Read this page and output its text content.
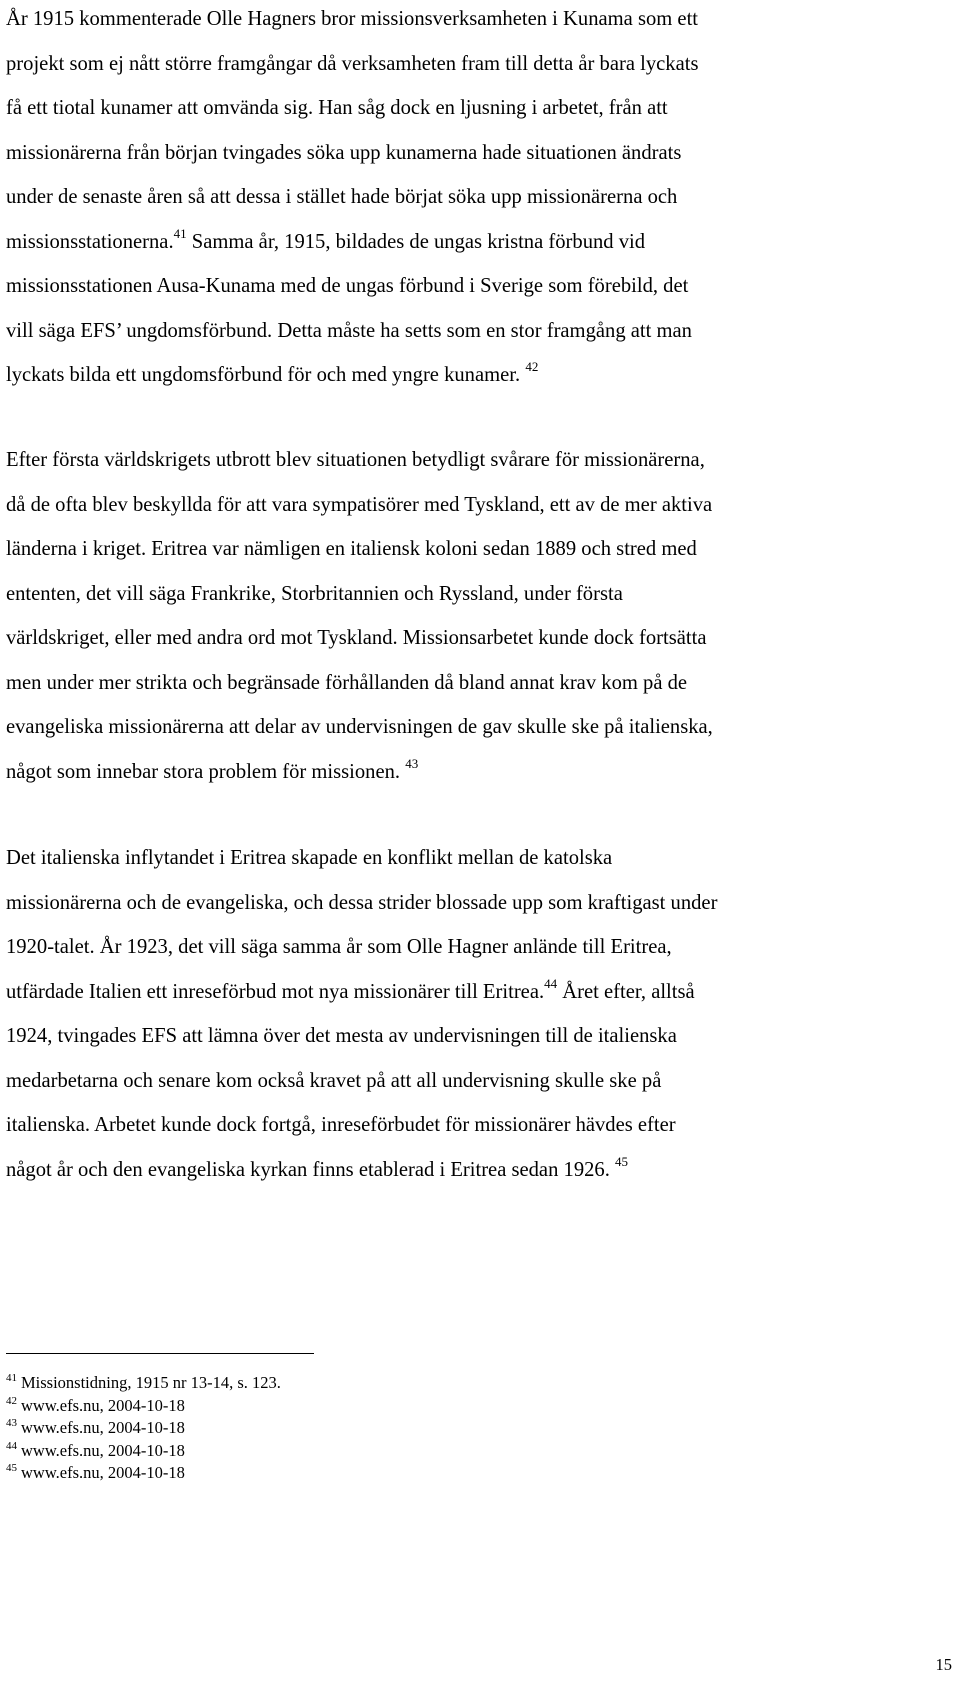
År 1915 kommenterade Olle Hagners bror missionsverksamheten i Kunama som ett
projekt som ej nått större framgångar då verksamheten fram till detta år bara lyckats
få ett tiotal kunamer att omvända sig. Han såg dock en ljusning i arbetet, från att
missionärerna från början tvingades söka upp kunamerna hade situationen ändrats
under de senaste åren så att dessa i stället hade börjat söka upp missionärerna och
missionsstationerna.$^{41}$ Samma år, 1915, bildades de ungas kristna förbund vid
missionsstationen Ausa-Kunama med de ungas förbund i Sverige som förebild, det
vill säga EFS’ ungdomsförbund. Detta måste ha setts som en stor framgång att man
lyckats bilda ett ungdomsförbund för och med yngre kunamer. $^{42}$

Efter första världskrigets utbrott blev situationen betydligt svårare för missionärerna,
då de ofta blev beskyllda för att vara sympatisörer med Tyskland, ett av de mer aktiva
länderna i kriget. Eritrea var nämligen en italiensk koloni sedan 1889 och stred med
ententen, det vill säga Frankrike, Storbritannien och Ryssland, under första
världskriget, eller med andra ord mot Tyskland. Missionsarbetet kunde dock fortsätta
men under mer strikta och begränsade förhållanden då bland annat krav kom på de
evangeliska missionärerna att delar av undervisningen de gav skulle ske på italienska,
något som innebar stora problem för missionen. $^{43}$

Det italienska inflytandet i Eritrea skapade en konflikt mellan de katolska
missionärerna och de evangeliska, och dessa strider blossade upp som kraftigast under
1920-talet. År 1923, det vill säga samma år som Olle Hagner anlände till Eritrea,
utfärdade Italien ett inreseförbud mot nya missionärer till Eritrea.$^{44}$ Året efter, alltså
1924, tvingades EFS att lämna över det mesta av undervisningen till de italienska
medarbetarna och senare kom också kravet på att all undervisning skulle ske på
italienska. Arbetet kunde dock fortgå, inreseförbudet för missionärer hävdes efter
något år och den evangeliska kyrkan finns etablerad i Eritrea sedan 1926. $^{45}$

$^{41}$ Missionstidning, 1915 nr 13-14, s. 123.
$^{42}$ www.efs.nu, 2004-10-18
$^{43}$ www.efs.nu, 2004-10-18
$^{44}$ www.efs.nu, 2004-10-18
$^{45}$ www.efs.nu, 2004-10-18
15
